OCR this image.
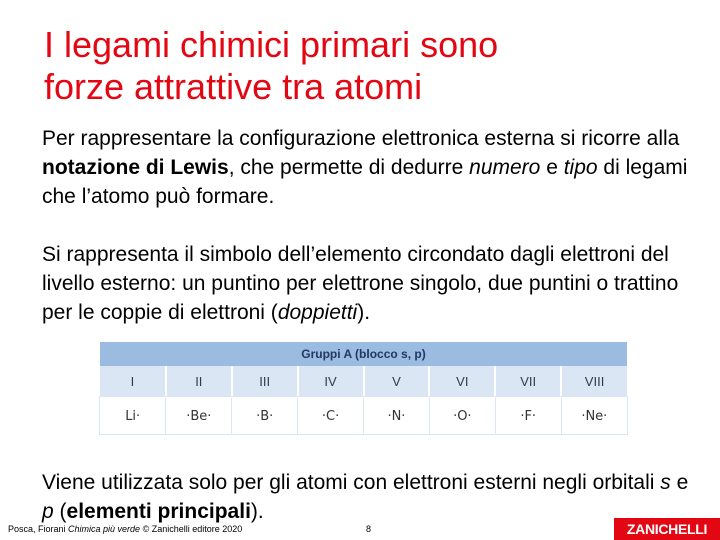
I legami chimici primari sono
forze attrattive tra atomi
Per rappresentare la configurazione elettronica esterna si ricorre alla notazione di Lewis, che permette di dedurre numero e tipo di legami che l’atomo può formare.
Si rappresenta il simbolo dell’elemento circondato dagli elettroni del livello esterno: un puntino per elettrone singolo, due puntini o trattino per le coppie di elettroni (doppietti).
Gruppi A (blocco s, p)							
I	II	III	IV	V	VI	VII	VIII
Li·	·Be·	·B·	·C·	·N·	·O·	·F·	·Ne·
Viene utilizzata solo per gli atomi con elettroni esterni negli orbitali s e p (elementi principali).
Posca, Fiorani Chimica più verde © Zanichelli editore 2020	8	ZANICHELLI
